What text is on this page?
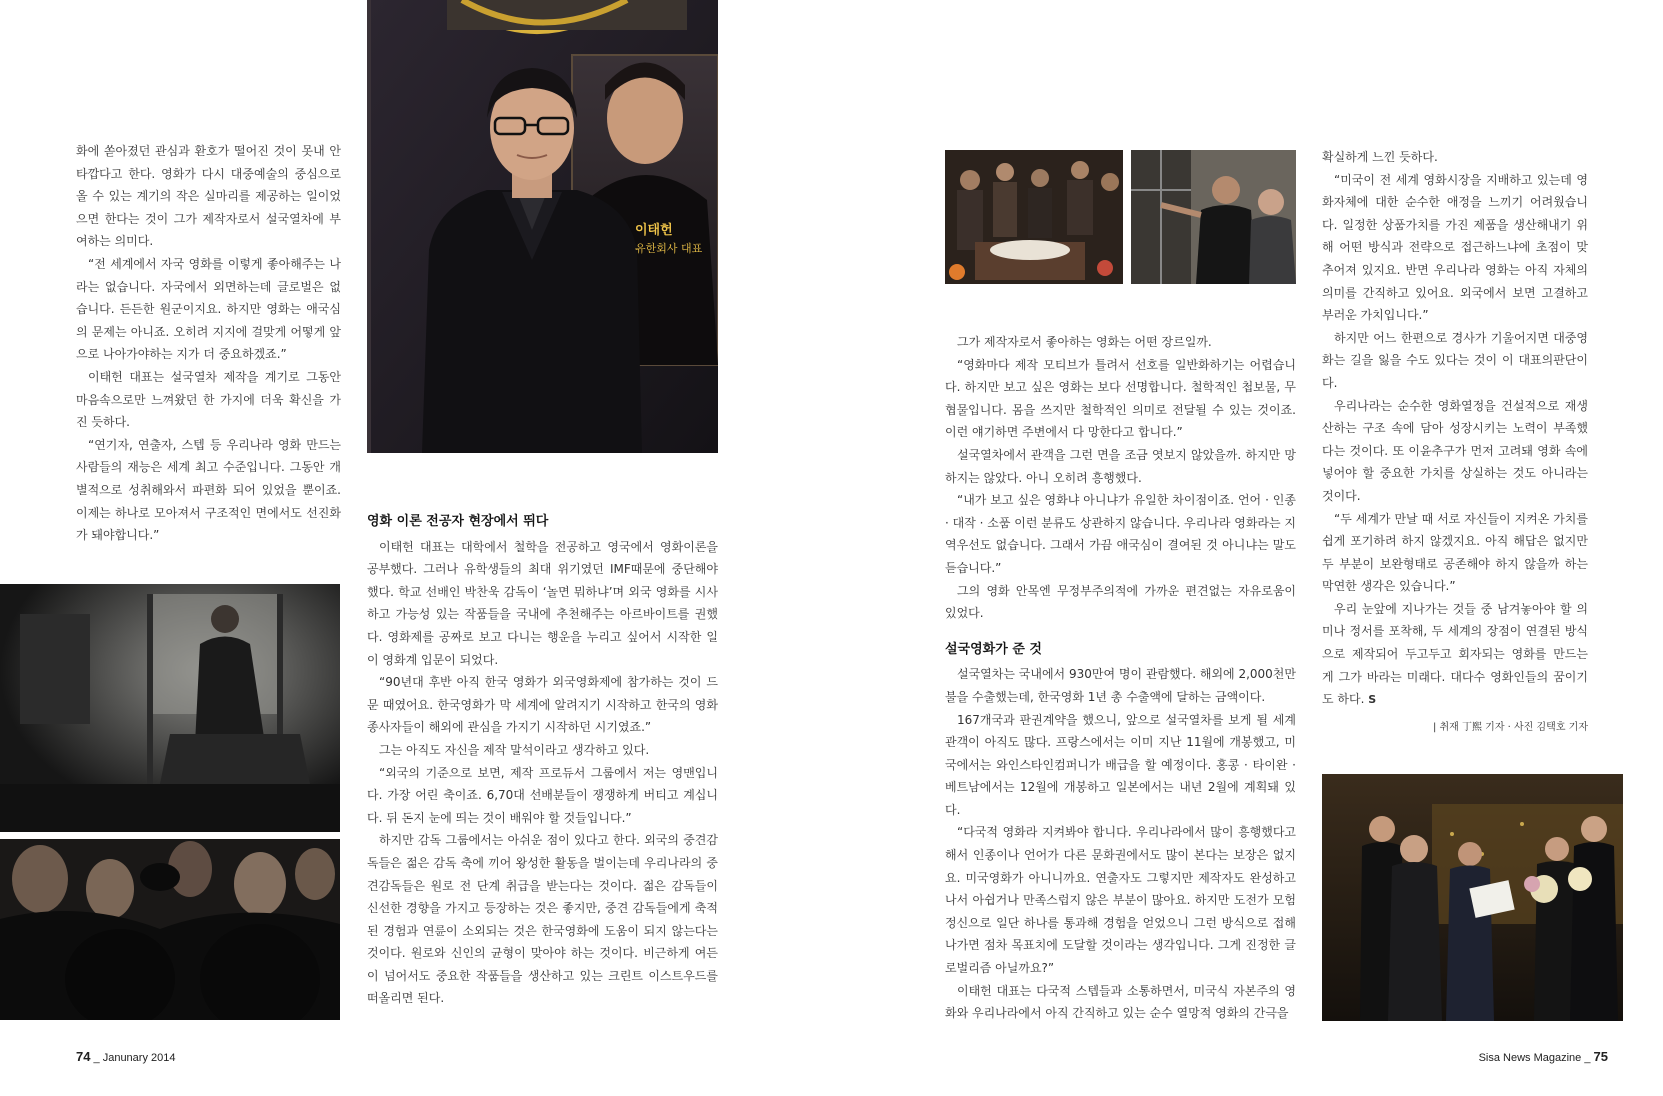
화에 쏟아졌던 관심과 환호가 떨어진 것이 못내 안타깝다고 한다. 영화가 다시 대중예술의 중심으로 올 수 있는 계기의 작은 실마리를 제공하는 일이었으면 한다는 것이 그가 제작자로서 설국열차에 부여하는 의미다.

“전 세계에서 자국 영화를 이렇게 좋아해주는 나라는 없습니다. 자국에서 외면하는데 글로벌은 없습니다. 든든한 원군이지요. 하지만 영화는 애국심의 문제는 아니죠. 오히려 지지에 걸맞게 어떻게 앞으로 나아가야하는 지가 더 중요하겠죠.”

이태헌 대표는 설국열차 제작을 계기로 그동안 마음속으로만 느껴왔던 한 가지에 더욱 확신을 가진 듯하다.

“연기자, 연출자, 스텝 등 우리나라 영화 만드는 사람들의 재능은 세계 최고 수준입니다. 그동안 개별적으로 성취해와서 파편화 되어 있었을 뿐이죠. 이제는 하나로 모아져서 구조적인 면에서도 선진화가 돼야합니다.”

이태헌
유한회사 대표

영화 이론 전공자 현장에서 뛰다

이태헌 대표는 대학에서 철학을 전공하고 영국에서 영화이론을 공부했다. 그러나 유학생들의 최대 위기였던 IMF때문에 중단해야 했다. 학교 선배인 박찬욱 감독이 ‘놀면 뭐하냐’며 외국 영화를 시사하고 가능성 있는 작품들을 국내에 추천해주는 아르바이트를 권했다. 영화제를 공짜로 보고 다니는 행운을 누리고 싶어서 시작한 일이 영화계 입문이 되었다.

“90년대 후반 아직 한국 영화가 외국영화제에 참가하는 것이 드문 때였어요. 한국영화가 막 세계에 알려지기 시작하고 한국의 영화 종사자들이 해외에 관심을 가지기 시작하던 시기였죠.”

그는 아직도 자신을 제작 말석이라고 생각하고 있다.

“외국의 기준으로 보면, 제작 프로듀서 그룹에서 저는 영맨입니다. 가장 어린 축이죠. 6,70대 선배분들이 쟁쟁하게 버티고 계십니다. 뒤 돈지 눈에 띄는 것이 배워야 할 것들입니다.”

하지만 감독 그룹에서는 아쉬운 점이 있다고 한다. 외국의 중견감독들은 젊은 감독 축에 끼어 왕성한 활동을 벌이는데 우리나라의 중견감독들은 원로 전 단계 취급을 받는다는 것이다. 젊은 감독들이 신선한 경향을 가지고 등장하는 것은 좋지만, 중견 감독들에게 축적된 경험과 연륜이 소외되는 것은 한국영화에 도움이 되지 않는다는 것이다. 원로와 신인의 균형이 맞아야 하는 것이다. 비근하게 여든이 넘어서도 중요한 작품들을 생산하고 있는 크린트 이스트우드를 떠올리면 된다.

74 _ Janunary 2014

그가 제작자로서 좋아하는 영화는 어떤 장르일까.

“영화마다 제작 모티브가 틀려서 선호를 일반화하기는 어렵습니다. 하지만 보고 싶은 영화는 보다 선명합니다. 철학적인 첩보물, 무협물입니다. 몸을 쓰지만 철학적인 의미로 전달될 수 있는 것이죠. 이런 얘기하면 주변에서 다 망한다고 합니다.”

설국열차에서 관객을 그런 면을 조금 엿보지 않았을까. 하지만 망하지는 않았다. 아니 오히려 흥행했다.

“내가 보고 싶은 영화냐 아니냐가 유일한 차이점이죠. 언어 · 인종 · 대작 · 소품 이런 분류도 상관하지 않습니다. 우리나라 영화라는 지역우선도 없습니다. 그래서 가끔 애국심이 결여된 것 아니냐는 말도 듣습니다.”

그의 영화 안목엔 무정부주의적에 가까운 편견없는 자유로움이 있었다.

설국영화가 준 것

설국열차는 국내에서 930만여 명이 관람했다. 해외에 2,000천만 불을 수출했는데, 한국영화 1년 총 수출액에 달하는 금액이다.

167개국과 판권계약을 했으니, 앞으로 설국열차를 보게 될 세계 관객이 아직도 많다. 프랑스에서는 이미 지난 11월에 개봉했고, 미국에서는 와인스타인컴퍼니가 배급을 할 예정이다. 홍콩 · 타이완 · 베트남에서는 12월에 개봉하고 일본에서는 내년 2월에 계획돼 있다.

“다국적 영화라 지켜봐야 합니다. 우리나라에서 많이 흥행했다고 해서 인종이나 언어가 다른 문화권에서도 많이 본다는 보장은 없지요. 미국영화가 아니니까요. 연출자도 그렇지만 제작자도 완성하고 나서 아쉽거나 만족스럽지 않은 부분이 많아요. 하지만 도전가 모험 정신으로 일단 하나를 통과해 경험을 얻었으니 그런 방식으로 접해 나가면 점차 목표치에 도달할 것이라는 생각입니다. 그게 진정한 글로벌리즘 아닐까요?”

이태헌 대표는 다국적 스텝들과 소통하면서, 미국식 자본주의 영화와 우리나라에서 아직 간직하고 있는 순수 열망적 영화의 간극을

확실하게 느낀 듯하다.

“미국이 전 세계 영화시장을 지배하고 있는데 영화자체에 대한 순수한 애정을 느끼기 어려웠습니다. 일정한 상품가치를 가진 제품을 생산해내기 위해 어떤 방식과 전략으로 접근하느냐에 초점이 맞추어져 있지요. 반면 우리나라 영화는 아직 자체의 의미를 간직하고 있어요. 외국에서 보면 고결하고 부러운 가치입니다.”

하지만 어느 한편으로 경사가 기울어지면 대중영화는 길을 잃을 수도 있다는 것이 이 대표의판단이다.

우리나라는 순수한 영화열정을 건설적으로 재생산하는 구조 속에 담아 성장시키는 노력이 부족했다는 것이다. 또 이윤추구가 먼저 고려돼 영화 속에 넣어야 할 중요한 가치를 상실하는 것도 아니라는 것이다.

“두 세계가 만날 때 서로 자신들이 지켜온 가치를 쉽게 포기하려 하지 않겠지요. 아직 해답은 없지만 두 부분이 보완형태로 공존해야 하지 않을까 하는 막연한 생각은 있습니다.”

우리 눈앞에 지나가는 것들 중 남겨놓아야 할 의미나 정서를 포착해, 두 세계의 장점이 연결된 방식으로 제작되어 두고두고 회자되는 영화를 만드는 게 그가 바라는 미래다. 대다수 영화인들의 꿈이기도 하다. S

| 취재 丁熙 기자 · 사진 김택호 기자
Sisa News Magazine _ 75
